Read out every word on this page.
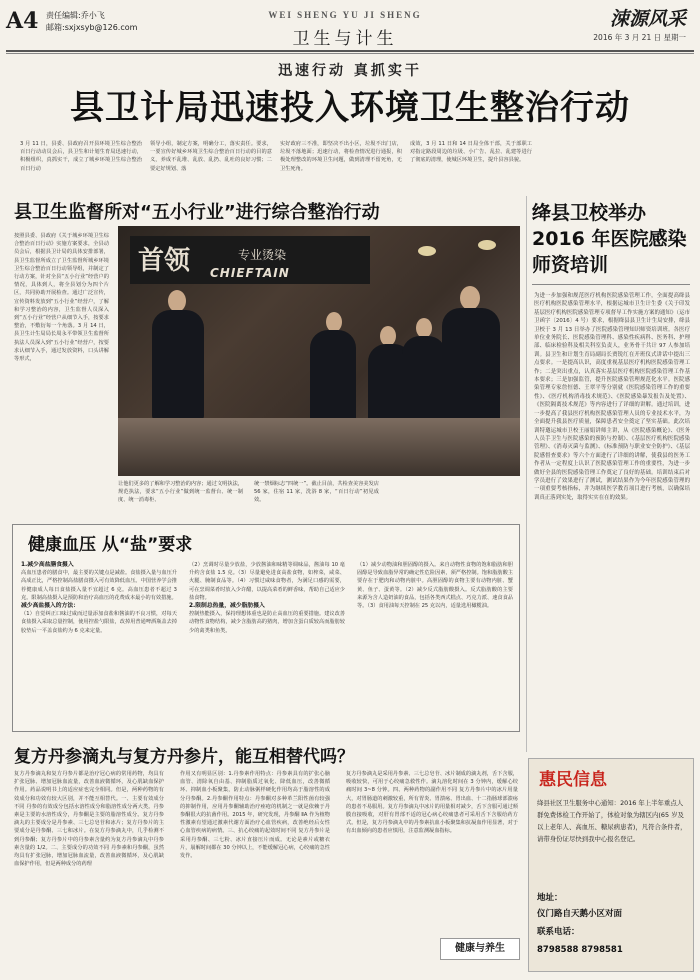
A4 责任编辑:乔小飞
邮箱:sxjxsyb@126.com
WEI SHENG YU JI SHENG
卫生与计生
涑源风采
2016 年 3 月 21 日 星期一
迅速行动 真抓实干
县卫计局迅速投入环境卫生整治行动
3 月 11 日，县委、县政府召开县环境卫生综合整治百日行动动员会后，县卫生和计划生育局迅速行动，积极组织，真抓实干，成立了城乡环境卫生综合整治百日行动
领导小组，制定方案，明确分工，落实责任。要求，一要宣传好城乡环境卫生综合整治百日行动的目的意义，养成不乱堆、乱放、乱扔、乱吐的良好习惯；二要定好规划、落
实好政府三不准，即坚决不出小区，垃圾不出门店，垃圾不落地面；迅速行动，将检查情况进行通报，积极处理整改的环境卫生问题，做到清理不留死角，无卫生死角。
成效，3 月 11 日和 14 日局全体干部，关于部职工对指定路段周边的垃圾、小广告、乱拉、乱建等进行了彻底的清理，使城区环境卫生，提升县容县貌。
县卫生监督所对“五小行业”进行综合整治行动
按照县委、县政府《关于城乡环境卫生综合整治百日行动》实施方案要求，全县动员会后，根据县卫计局的具体安排部署，县卫生监督所成立了卫生监督所城乡环境卫生综合整治百日行动领导组，并制定了行动方案，针对全县“五小行业”经营户的情况，具体到人，将全县划分为四个片区，共同协助开展检查。通过广泛宣传，宣传资料发放到“五小行业”经营户，了解和学习整治的内容，卫生监督人员深入到“五小行业”经营户从细节入手，按要求整治，不敷衍每一个角落。3 月 14 日，县卫生计生局局长周永平带领卫生监督所执法人员深入到“五小行业”经营户，按要求认细节入手，通过发放资料，口头讲解等形式，
首领	专业烫染
CHIEFTAIN
让他们更多的了解和学习整治的内容；通过文明执法，规范执法，要求“五小行业”做到统一监督台、统一制度、统一消毒柜、
统一禁烟标志“四统一”。截止目前，共检查美容美发店 56 家，住宿 11 家，洗浴 8 家，“百日行动”初见成效。
绛县卫校举办 2016 年医院感染师资培训
为进一步加强和规范医疗机构医院感染管理工作，全面提高绛县医疗机构医院感染管理水平，根据运城市卫生计生委《关于印发基层医疗机构医院感染管理专项督导工作实施方案的通知》（运市卫函字〔2016〕4 号）要求，根据绛县县卫生计生局安排，绛县卫校于 3 月 13 日举办了医院感染管理知识师资培训班。各医疗单位业务院长、医院感染管理科、感染性疾病科、医务科、护理部、临床检验科及相关科室负责人，业务骨干共计 97 人参加培训。县卫生和计划生育局副局长贾锐红在开班仪式讲话中提出三点要求。一是提高认识，高度重视基层医疗机构医院感染管理工作；二是突出重点，认真落实基层医疗机构医院感染管理工作基本要求；三是加强监管，提升医院感染管理规范化水平。医院感染管理专家詹恒德、王翠平等分别就《医院感染管理工作的重要性》、《医疗机构消毒技术规范》、《医院感染暴发报告及处置》、《医院隔离技术规范》等内容进行了详细的讲解。通过培训，进一步提高了我县医疗机构医院感染管理人员的专业技术水平，为全面提升我县医疗质量，保障患者安全奠定了坚实基础。此次培训特邀运城市卫校王丽娟讲师主讲，从《医院感染概论》、《医务人员手卫生与医院感染的预防与控制》、《基层医疗机构医院感染管理》、《消毒灭菌与监测》、《标准预防与职业安全防护》、《基层院感督查要求》等六个方面进行了详细的讲解，使我县的医务工作者从一定程度上认识了医院感染管理工作的重要性，为进一步做好全县的医院感染管理工作奠定了良好的基础。培训结束后对学员进行了效果进行了测试，测试结果作为今年医院感染管理的一项重要考核指标，并为继续医学教育项目进行考核，以确保培训真正落到实处，取得实实在在的效果。
1.减少高盐膳食摄入
高血压患者的膳食中，最主要的关键点是减盐。食盐摄入量与血压升高成正比，严格控制高盐膳食摄入可有效降低血压。中国营养学会推荐健康成人每日食盐摄入量不宜超过 6 克。高血压患者不超过 3 克。限制高盐摄入是预防和治疗高血压的花费成本最小的有效措施。
减少高盐摄入的方法：
（1）自觉纠正口味过咸而过量添加食盐和酱油的不良习惯，对每天食盐摄入采取总量控制，使用控盐勺限盐，改掉用普通啤酒瓶盖去掉胶垫后一平盖食盐约为 6 克来定量。
（2）烹调时尽量少放盐，少放酱油和味精等调味品，酱油每 10 毫升约含食盐 1.5 克。（3）尽量避免进食高盐食物，如榨菜，咸菜、火腿、腌制食品等。（4）习惯过咸味食物者，为满足口感的需要，可在烹调菜肴时放入少许醋，以提高菜肴的鲜香味，帮助自己适应少盐食物。
2.限制总热量，减少脂肪摄入
控制热能摄入，保持理想体重也是防止高血压的重要措施。建议改善动物性食物结构，减少含脂肪高的猪肉，增加含蛋白质较高而脂肪较少的禽类和鱼类。
（1）减少动物油和胆固醇的摄入。来自动物性食物的饱和脂肪和胆固醇是导致血脂异常的确定性危险因素，须严格控制。饱和脂肪酸主要存在于肥肉和动物内脏中。高胆固醇的食物主要有动物内脏、蟹黄、鱼子、蛋黄等。（2）减少反式脂肪酸摄入。反式脂肪酸的主要来源为含人造奶油的食品，包括各类西式糕点、巧克力派、速食食品等。（3）食用油每天控制在 25 克以内，适量选用橄榄油。
健康血压 从“盐”要求
复方丹参滴丸与复方丹参片，能互相替代吗？
复方丹参滴丸和复方丹参片都是治疗冠心病的常用药物，均具有扩张冠脉、增加冠脉血流量，改善血液微循环，及心肌缺血保护作用。药品说明书上的适应症也完全相同。但是，两种药物的有效成分和功效有较大区别，并不能互相替代。一、主要有效成分不同 丹参的有效成分包括水溶性成分和脂溶性成分两大类。丹参素是主要的水溶性成分，丹参酮是主要的脂溶性成分。复方丹参滴丸的主要成分是丹参素、三七总皂苷和冰片；复方丹参片的主要成分是丹参酮、三七和冰片。在复方丹参滴丸中，几乎检测不到丹参酮；复方丹参片中的丹参素含量约为复方丹参滴丸中丹参素含量的 1/2。二、主要成分的功效不同 丹参素和丹参酮，虽然均具有扩张冠脉，增加冠脉血流量，改善血液微循环，及心肌缺血保护作用，但是两种成分的药理
作用又有明显区别：1.丹参素作用特点：丹参素具有的扩张心脑血管、清除氧自由基、抑制脂质过氧化、降低血压，改善微循环、抑制血小板聚集，防止动脉粥样硬化作用均高于脂溶性的成分丹参酮。2.丹参酮作用特点：丹参酮对多种革兰阳性菌有较强的抑制作用，应用丹参酮辅助治疗痤疮的机制之一就是依赖于丹参酮很大的抗菌作用。2015 年，研究发现，丹参酮 ⅡA 作为植物性激素有望通过激素代谢方面治疗心血管疾病，改善绝经后女性心血管疾病的病情。三、抗心绞痛的起效时间不同 复方丹参片是采用丹参酮、三七粉、冰片直接压片而成。无论是素片或糖衣片，崩解时间都在 30 分钟以上，不能缓解冠心病，心绞痛的急性发作。
复方丹参滴丸是采用丹参素、三七总皂苷、冰片制成的滴丸剂，舌下含服，吸收较快，可用于心绞痛急救性作。滴丸溶化时间在 3 分钟内，缓解心绞痛时间 3~8 分钟。四、两种药物的副作用不同 复方丹参片中的冰片用量大，对胃肠道的刺激较重，所有胃炎、胃溃疡、胃出血、十二指肠球部溃疡的患者不易服用。复方丹参滴丸中冰片的用量相对减少，舌下含服可通过颊膜直接吸收，对肝有胃部不适的冠心病心绞痛患者可采用舌下含服给药方式。但是，复方丹参滴丸中的丹参素抗血小板聚集和抗凝血作用显著，对于有出血倾向的患者应慎用，注意监测凝血指标。
健康与养生
惠民信息
绛县社区卫生服务中心通知：2016 年上半年重点人群免费体检工作开始了，体检对象为辖区内(65 岁及以上老年人、高血压、糖尿病患者)，凡符合条件者，请带身份证尽快到我中心报名登记。
地址：
仪门路自天鹅小区对面
联系电话：
8798588 8798581
